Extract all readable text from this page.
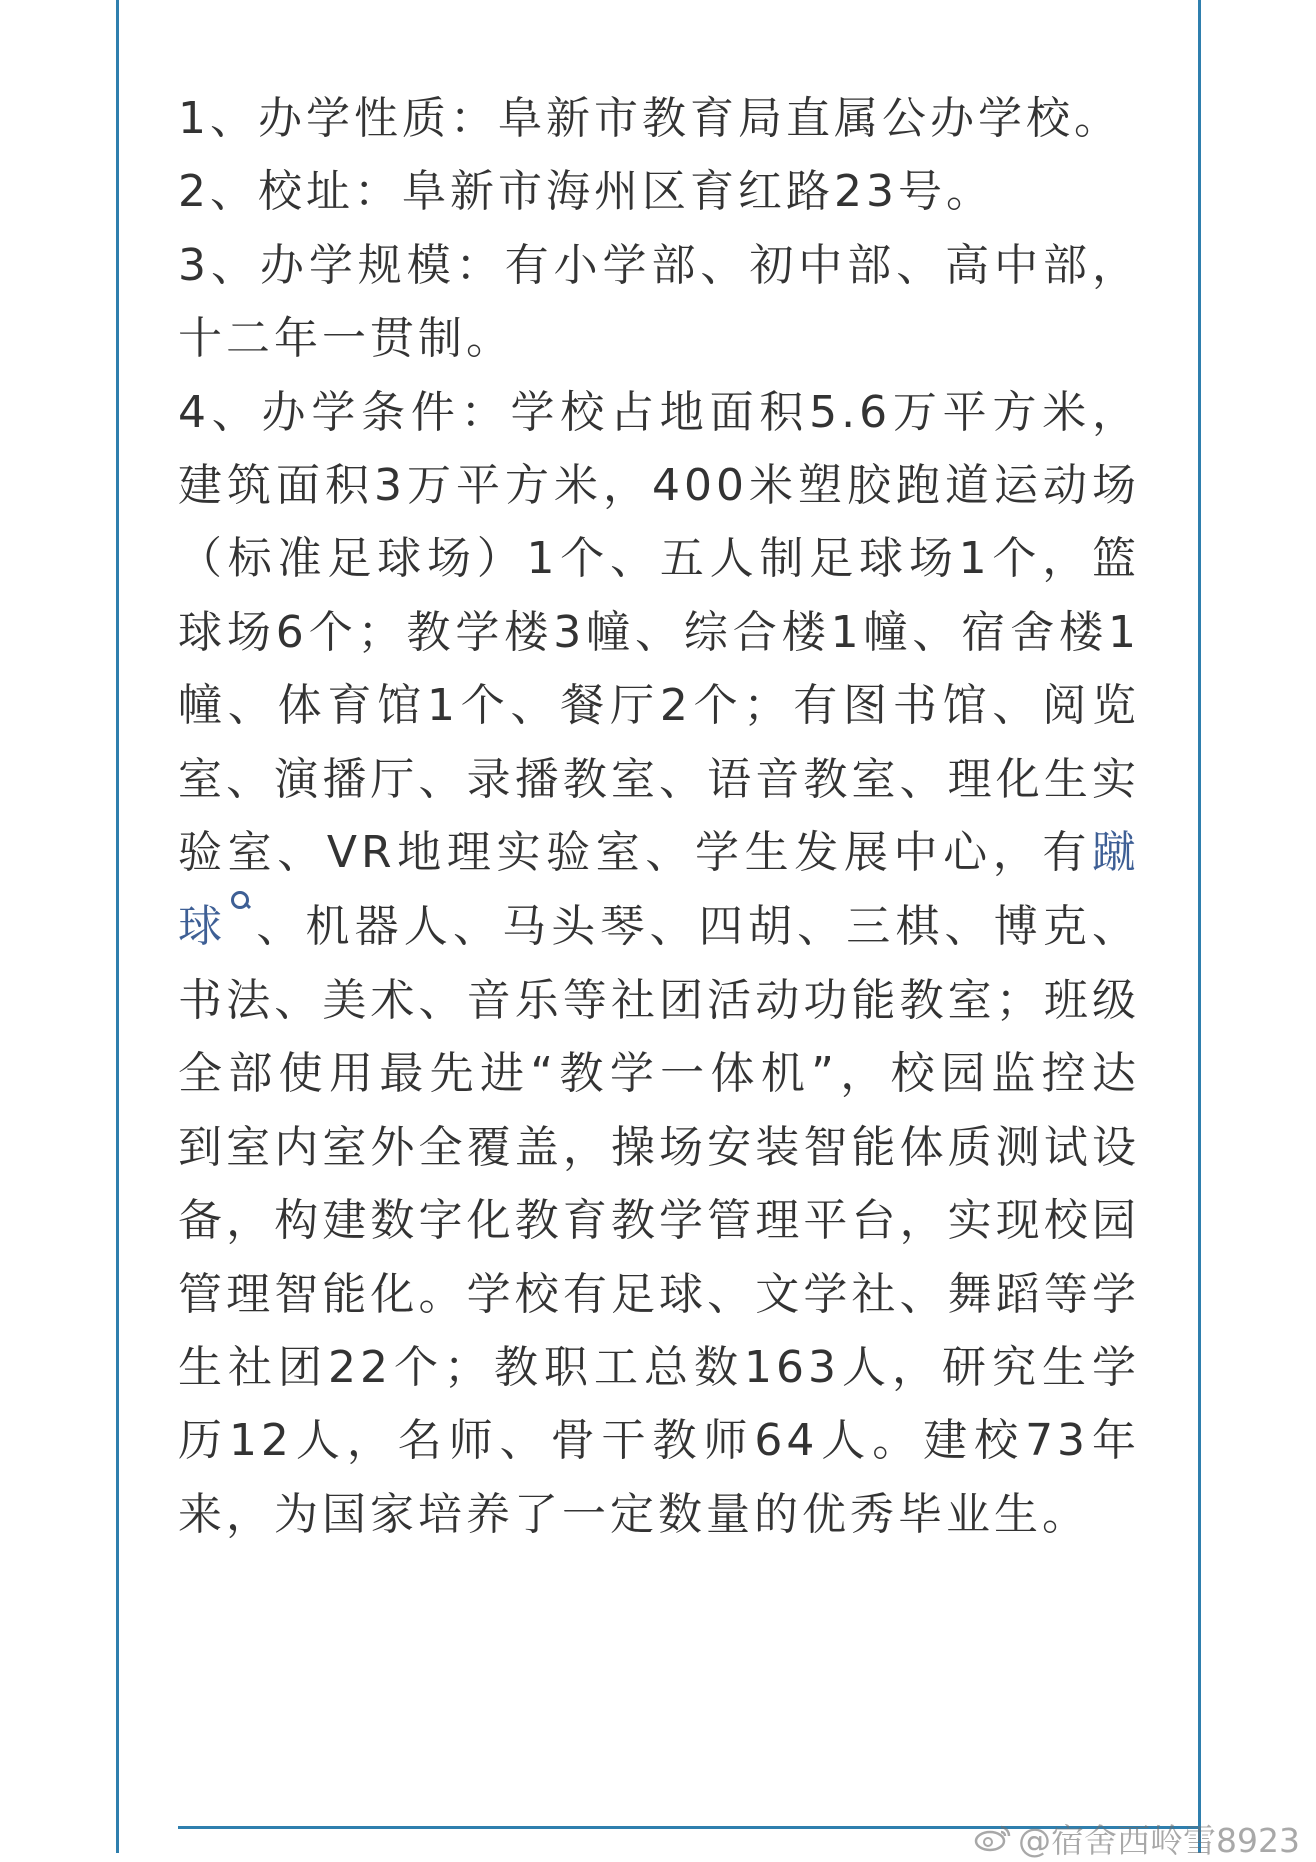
1、办学性质：阜新市教育局直属公办学校。

2、校址：阜新市海州区育红路23号。

3、办学规模：有小学部、初中部、高中部，十二年一贯制。

4、办学条件：学校占地面积5.6万平方米，建筑面积3万平方米，400米塑胶跑道运动场（标准足球场）1个、五人制足球场1个，篮球场6个；教学楼3幢、综合楼1幢、宿舍楼1幢、体育馆1个、餐厅2个；有图书馆、阅览室、演播厅、录播教室、语音教室、理化生实验室、VR地理实验室、学生发展中心，有蹴球 、机器人、马头琴、四胡、三棋、博克、书法、美术、音乐等社团活动功能教室；班级全部使用最先进“教学一体机”，校园监控达到室内室外全覆盖，操场安装智能体质测试设备，构建数字化教育教学管理平台，实现校园管理智能化。学校有足球、文学社、舞蹈等学生社团22个；教职工总数163人，研究生学历12人，名师、骨干教师64人。建校73年来，为国家培养了一定数量的优秀毕业生。

@宿舍西岭雪8923
